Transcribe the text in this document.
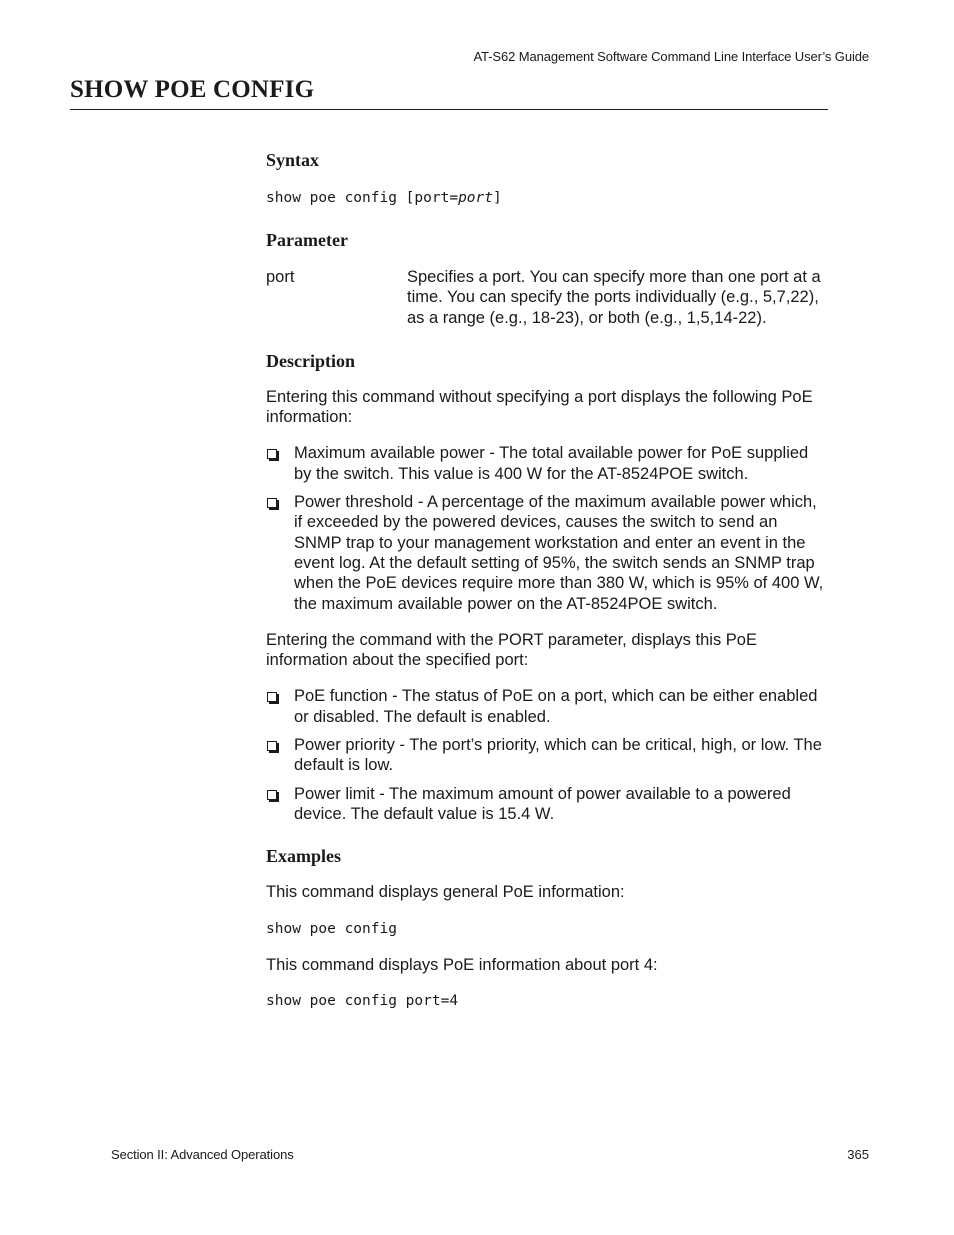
AT-S62 Management Software Command Line Interface User’s Guide
SHOW POE CONFIG
Syntax

show poe config [port=port]

Parameter
port	Specifies a port. You can specify more than one port at a time. You can specify the ports individually (e.g., 5,7,22), as a range (e.g., 18-23), or both (e.g., 1,5,14-22).

Description

Entering this command without specifying a port displays the following PoE information:

Maximum available power - The total available power for PoE supplied by the switch. This value is 400 W for the AT-8524POE switch.
Power threshold - A percentage of the maximum available power which, if exceeded by the powered devices, causes the switch to send an SNMP trap to your management workstation and enter an event in the event log. At the default setting of 95%, the switch sends an SNMP trap when the PoE devices require more than 380 W, which is 95% of 400 W, the maximum available power on the AT-8524POE switch.

Entering the command with the PORT parameter, displays this PoE information about the specified port:

PoE function - The status of PoE on a port, which can be either enabled or disabled. The default is enabled.
Power priority - The port’s priority, which can be critical, high, or low. The default is low.
Power limit - The maximum amount of power available to a powered device. The default value is 15.4 W.
Examples

This command displays general PoE information:

show poe config

This command displays PoE information about port 4:

show poe config port=4

Section II: Advanced Operations	365
